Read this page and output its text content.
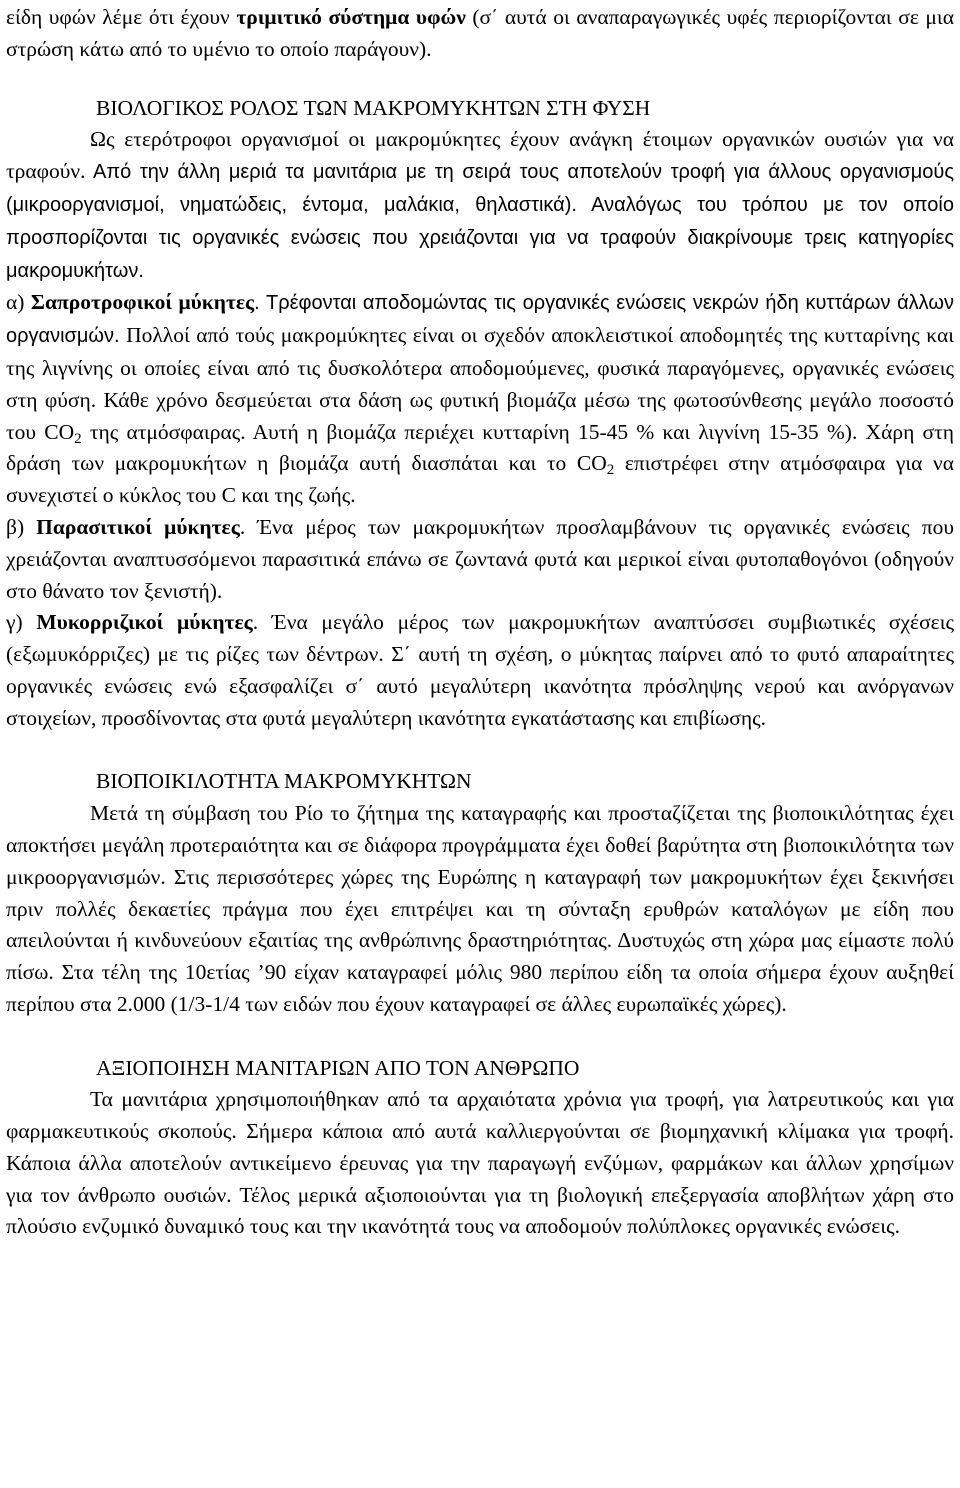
είδη υφών λέμε ότι έχουν τριμιτικό σύστημα υφών (σ΄ αυτά οι αναπαραγωγικές υφές περιορίζονται σε μια στρώση κάτω από το υμένιο το οποίο παράγουν).

ΒΙΟΛΟΓΙΚΟΣ ΡΟΛΟΣ ΤΩΝ ΜΑΚΡΟΜΥΚΗΤΩΝ ΣΤΗ ΦΥΣΗ

Ως ετερότροφοι οργανισμοί οι μακρομύκητες έχουν ανάγκη έτοιμων οργανικών ουσιών για να τραφούν. Από την άλλη μεριά τα μανιτάρια με τη σειρά τους αποτελούν τροφή για άλλους οργανισμούς (μικροοργανισμοί, νηματώδεις, έντομα, μαλάκια, θηλαστικά). Αναλόγως του τρόπου με τον οποίο προσπορίζονται τις οργανικές ενώσεις που χρειάζονται για να τραφούν διακρίνουμε τρεις κατηγορίες μακρομυκήτων.

α) Σαπροτροφικοί μύκητες. Τρέφονται αποδομώντας τις οργανικές ενώσεις νεκρών ήδη κυττάρων άλλων οργανισμών. Πολλοί από τούς μακρομύκητες είναι οι σχεδόν αποκλειστικοί αποδομητές της κυτταρίνης και της λιγνίνης οι οποίες είναι από τις δυσκολότερα αποδομούμενες, φυσικά παραγόμενες, οργανικές ενώσεις στη φύση. Κάθε χρόνο δεσμεύεται στα δάση ως φυτική βιομάζα μέσω της φωτοσύνθεσης μεγάλο ποσοστό του $CO_2$ της ατμόσφαιρας. Αυτή η βιομάζα περιέχει κυτταρίνη 15-45 % και λιγνίνη 15-35 %). Χάρη στη δράση των μακρομυκήτων η βιομάζα αυτή διασπάται και το $CO_2$ επιστρέφει στην ατμόσφαιρα για να συνεχιστεί ο κύκλος του C και της ζωής.

β) Παρασιτικοί μύκητες. Ένα μέρος των μακρομυκήτων προσλαμβάνουν τις οργανικές ενώσεις που χρειάζονται αναπτυσσόμενοι παρασιτικά επάνω σε ζωντανά φυτά και μερικοί είναι φυτοπαθογόνοι (οδηγούν στο θάνατο τον ξενιστή).

γ) Μυκορριζικοί μύκητες. Ένα μεγάλο μέρος των μακρομυκήτων αναπτύσσει συμβιωτικές σχέσεις (εξωμυκόρριζες) με τις ρίζες των δέντρων. Σ΄ αυτή τη σχέση, ο μύκητας παίρνει από το φυτό απαραίτητες οργανικές ενώσεις ενώ εξασφαλίζει σ΄ αυτό μεγαλύτερη ικανότητα πρόσληψης νερού και ανόργανων στοιχείων, προσδίνοντας στα φυτά μεγαλύτερη ικανότητα εγκατάστασης και επιβίωσης.

ΒΙΟΠΟΙΚΙΛΟΤΗΤΑ ΜΑΚΡΟΜΥΚΗΤΩΝ

Μετά τη σύμβαση του Ρίο το ζήτημα της καταγραφής και προσταζίζεται της βιοποικιλότητας έχει αποκτήσει μεγάλη προτεραιότητα και σε διάφορα προγράμματα έχει δοθεί βαρύτητα στη βιοποικιλότητα των μικροοργανισμών. Στις περισσότερες χώρες της Ευρώπης η καταγραφή των μακρομυκήτων έχει ξεκινήσει πριν πολλές δεκαετίες πράγμα που έχει επιτρέψει και τη σύνταξη ερυθρών καταλόγων με είδη που απειλούνται ή κινδυνεύουν εξαιτίας της ανθρώπινης δραστηριότητας. Δυστυχώς στη χώρα μας είμαστε πολύ πίσω. Στα τέλη της 10ετίας ’90 είχαν καταγραφεί μόλις 980 περίπου είδη τα οποία σήμερα έχουν αυξηθεί περίπου στα 2.000 (1/3-1/4 των ειδών που έχουν καταγραφεί σε άλλες ευρωπαϊκές χώρες).

ΑΞΙΟΠΟΙΗΣΗ ΜΑΝΙΤΑΡΙΩΝ ΑΠΟ ΤΟΝ ΑΝΘΡΩΠΟ

Τα μανιτάρια χρησιμοποιήθηκαν από τα αρχαιότατα χρόνια για τροφή, για λατρευτικούς και για φαρμακευτικούς σκοπούς. Σήμερα κάποια από αυτά καλλιεργούνται σε βιομηχανική κλίμακα για τροφή. Κάποια άλλα αποτελούν αντικείμενο έρευνας για την παραγωγή ενζύμων, φαρμάκων και άλλων χρησίμων για τον άνθρωπο ουσιών. Τέλος μερικά αξιοποιούνται για τη βιολογική επεξεργασία αποβλήτων χάρη στο πλούσιο ενζυμικό δυναμικό τους και την ικανότητά τους να αποδομούν πολύπλοκες οργανικές ενώσεις.
